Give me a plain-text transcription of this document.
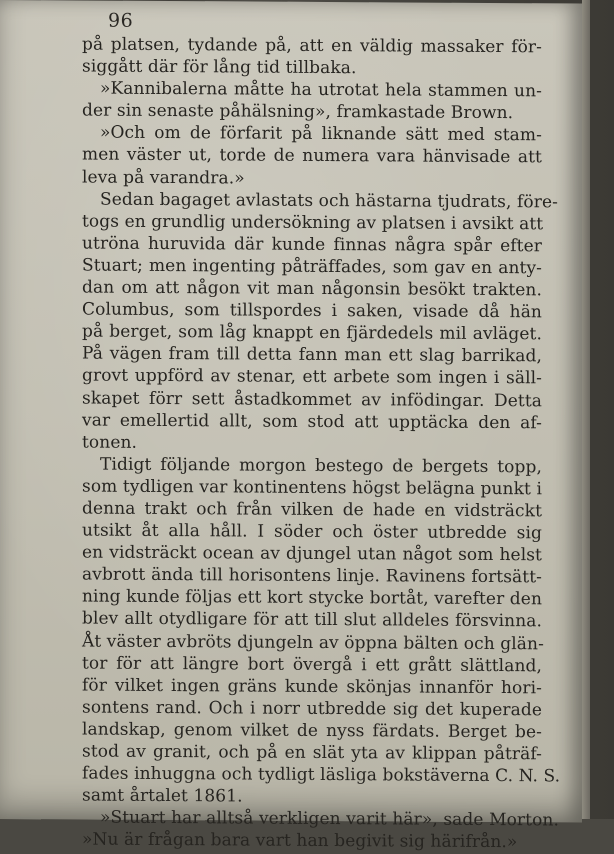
96
på platsen, tydande på, att en väldig massaker för-
siggått där för lång tid tillbaka.
»Kannibalerna måtte ha utrotat hela stammen un-
der sin senaste påhälsning», framkastade Brown.
»Och om de förfarit på liknande sätt med stam-
men väster ut, torde de numera vara hänvisade att
leva på varandra.»
Sedan bagaget avlastats och hästarna tjudrats, före-
togs en grundlig undersökning av platsen i avsikt att
utröna huruvida där kunde finnas några spår efter
Stuart; men ingenting påträffades, som gav en anty-
dan om att någon vit man någonsin besökt trakten.
Columbus, som tillspordes i saken, visade då hän
på berget, som låg knappt en fjärdedels mil avläget.
På vägen fram till detta fann man ett slag barrikad,
grovt uppförd av stenar, ett arbete som ingen i säll-
skapet förr sett åstadkommet av infödingar. Detta
var emellertid allt, som stod att upptäcka den af-
tonen.
Tidigt följande morgon bestego de bergets topp,
som tydligen var kontinentens högst belägna punkt i
denna trakt och från vilken de hade en vidsträckt
utsikt åt alla håll. I söder och öster utbredde sig
en vidsträckt ocean av djungel utan något som helst
avbrott ända till horisontens linje. Ravinens fortsätt-
ning kunde följas ett kort stycke bortåt, varefter den
blev allt otydligare för att till slut alldeles försvinna.
Åt väster avbröts djungeln av öppna bälten och glän-
tor för att längre bort övergå i ett grått slättland,
för vilket ingen gräns kunde skönjas innanför hori-
sontens rand. Och i norr utbredde sig det kuperade
landskap, genom vilket de nyss färdats. Berget be-
stod av granit, och på en slät yta av klippan påträf-
fades inhuggna och tydligt läsliga bokstäverna C. N. S.
samt årtalet 1861.
»Stuart har alltså verkligen varit här», sade Morton.
»Nu är frågan bara vart han begivit sig härifrån.»
